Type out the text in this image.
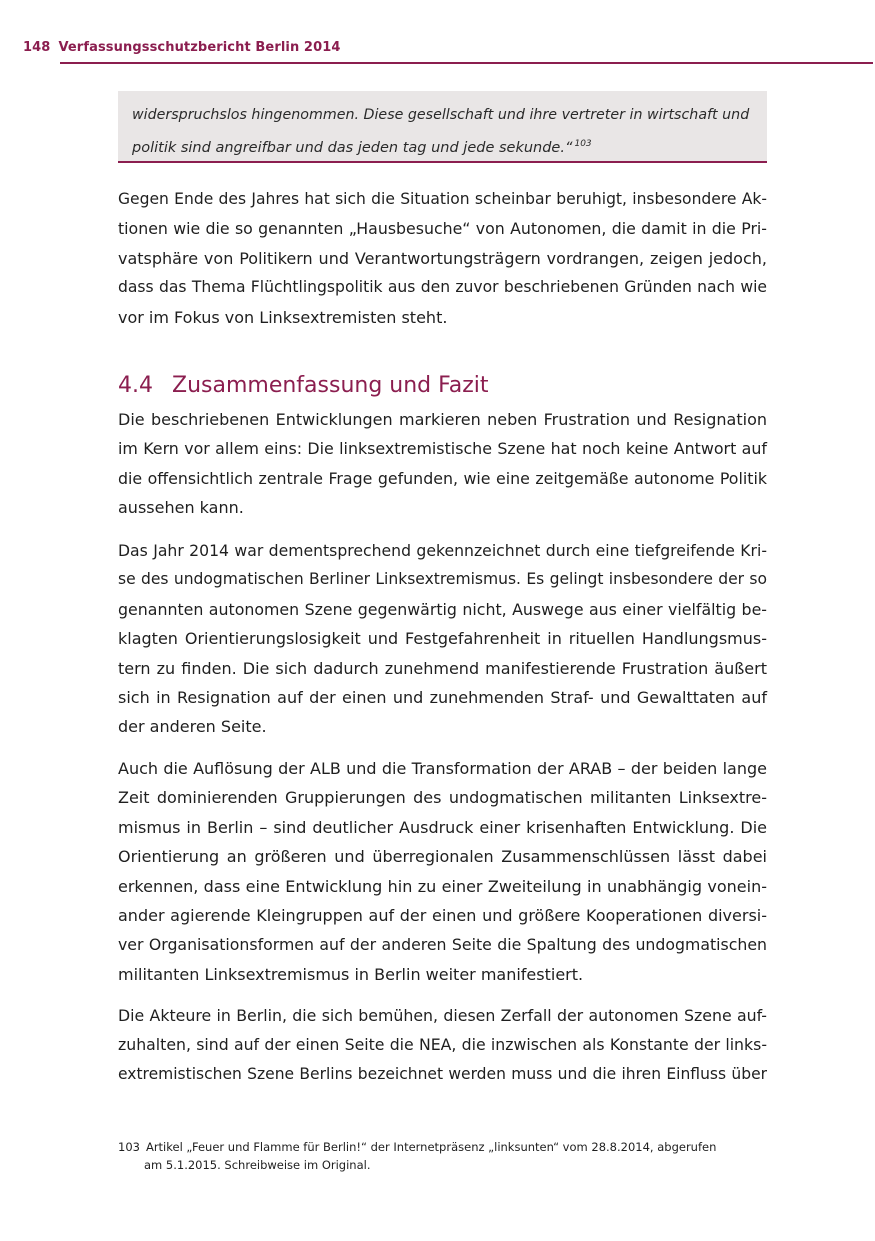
148 Verfassungsschutzbericht Berlin 2014
widerspruchslos hingenommen. Diese gesellschaft und ihre vertreter in wirtschaft und
politik sind angreifbar und das jeden tag und jede sekunde.“ $^{103}$
Gegen Ende des Jahres hat sich die Situation scheinbar beruhigt, insbesondere Ak-
tionen wie die so genannten „Hausbesuche“ von Autonomen, die damit in die Pri-
vatsphäre von Politikern und Verantwortungsträgern vordrangen, zeigen jedoch,
dass das Thema Flüchtlingspolitik aus den zuvor beschriebenen Gründen nach wie
vor im Fokus von Linksextremisten steht.
4.4 Zusammenfassung und Fazit
Die beschriebenen Entwicklungen markieren neben Frustration und Resignation
im Kern vor allem eins: Die linksextremistische Szene hat noch keine Antwort auf
die offensichtlich zentrale Frage gefunden, wie eine zeitgemäße autonome Politik
aussehen kann.
Das Jahr 2014 war dementsprechend gekennzeichnet durch eine tiefgreifende Kri-
se des undogmatischen Berliner Linksextremismus. Es gelingt insbesondere der so
genannten autonomen Szene gegenwärtig nicht, Auswege aus einer vielfältig be-
klagten Orientierungslosigkeit und Festgefahrenheit in rituellen Handlungsmus-
tern zu finden. Die sich dadurch zunehmend manifestierende Frustration äußert
sich in Resignation auf der einen und zunehmenden Straf- und Gewalttaten auf
der anderen Seite.
Auch die Auflösung der ALB und die Transformation der ARAB – der beiden lange
Zeit dominierenden Gruppierungen des undogmatischen militanten Linksextre-
mismus in Berlin – sind deutlicher Ausdruck einer krisenhaften Entwicklung. Die
Orientierung an größeren und überregionalen Zusammenschlüssen lässt dabei
erkennen, dass eine Entwicklung hin zu einer Zweiteilung in unabhängig vonein-
ander agierende Kleingruppen auf der einen und größere Kooperationen diversi-
ver Organisationsformen auf der anderen Seite die Spaltung des undogmatischen
militanten Linksextremismus in Berlin weiter manifestiert.
Die Akteure in Berlin, die sich bemühen, diesen Zerfall der autonomen Szene auf-
zuhalten, sind auf der einen Seite die NEA, die inzwischen als Konstante der links-
extremistischen Szene Berlins bezeichnet werden muss und die ihren Einfluss über
103 Artikel „Feuer und Flamme für Berlin!“ der Internetpräsenz „linksunten“ vom 28.8.2014, abgerufen
am 5.1.2015. Schreibweise im Original.
